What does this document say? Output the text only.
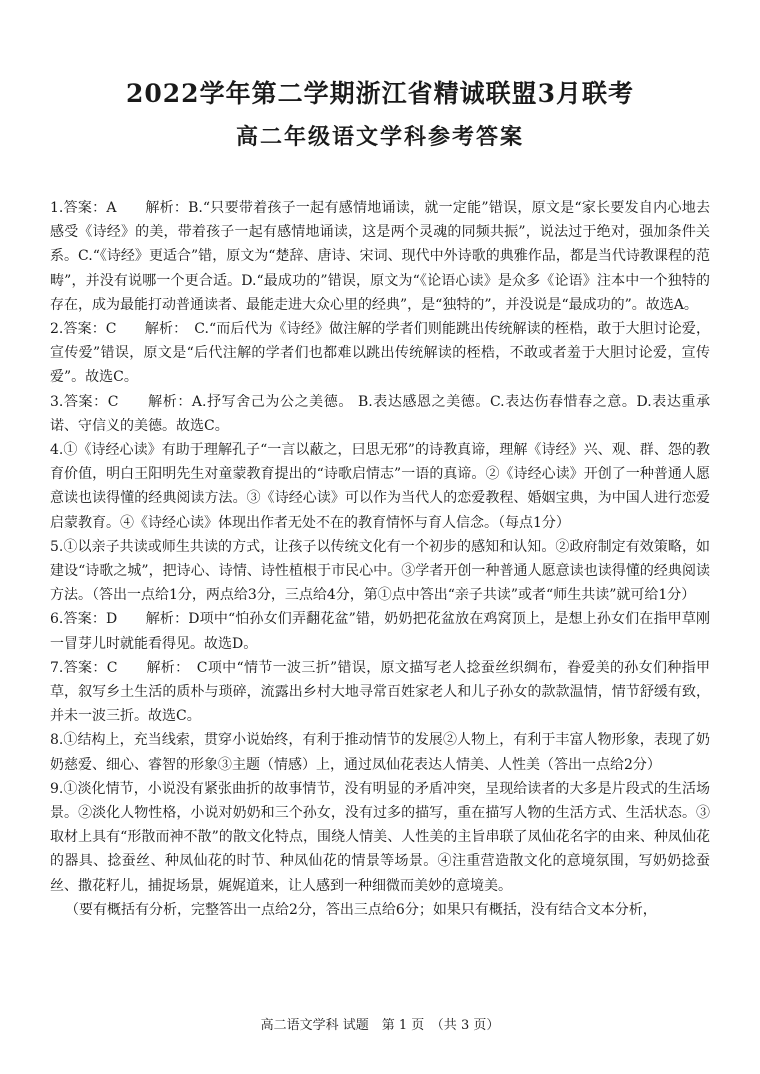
2022学年第二学期浙江省精诚联盟3月联考
高二年级语文学科参考答案

1.答案：A　　解析：B.“只要带着孩子一起有感情地诵读，就一定能”错误，原文是“家长要发自内心地去感受《诗经》的美，带着孩子一起有感情地诵读，这是两个灵魂的同频共振”，说法过于绝对，强加条件关系。C.“《诗经》更适合”错，原文为“楚辞、唐诗、宋词、现代中外诗歌的典雅作品，都是当代诗教课程的范畴”，并没有说哪一个更合适。D.“最成功的”错误，原文为“《论语心读》是众多《论语》注本中一个独特的存在，成为最能打动普通读者、最能走进大众心里的经典”，是“独特的”，并没说是“最成功的”。故选A。

2.答案：C　　解析：　C.“而后代为《诗经》做注解的学者们则能跳出传统解读的桎梏，敢于大胆讨论爱，宣传爱”错误，原文是“后代注解的学者们也都难以跳出传统解读的桎梏，不敢或者羞于大胆讨论爱，宣传爱”。故选C。

3.答案：C　　解析：A.抒写舍己为公之美德。 B.表达感恩之美德。C.表达伤春惜春之意。D.表达重承诺、守信义的美德。故选C。

4.①《诗经心读》有助于理解孔子“一言以蔽之，曰思无邪”的诗教真谛，理解《诗经》兴、观、群、怨的教育价值，明白王阳明先生对童蒙教育提出的“诗歌启情志”一语的真谛。②《诗经心读》开创了一种普通人愿意读也读得懂的经典阅读方法。③《诗经心读》可以作为当代人的恋爱教程、婚姻宝典，为中国人进行恋爱启蒙教育。④《诗经心读》体现出作者无处不在的教育情怀与育人信念。（每点1分）

5.①以亲子共读或师生共读的方式，让孩子以传统文化有一个初步的感知和认知。②政府制定有效策略，如建设“诗歌之城”，把诗心、诗情、诗性植根于市民心中。③学者开创一种普通人愿意读也读得懂的经典阅读方法。（答出一点给1分，两点给3分，三点给4分，第①点中答出“亲子共读”或者“师生共读”就可给1分）

6.答案：D　　解析：D项中“怕孙女们弄翻花盆”错，奶奶把花盆放在鸡窝顶上，是想上孙女们在指甲草刚一冒芽儿时就能看得见。故选D。

7.答案：C　　解析：　C项中“情节一波三折”错误，原文描写老人捻蚕丝织绸布，眷爱美的孙女们种指甲草，叙写乡土生活的质朴与琐碎，流露出乡村大地寻常百姓家老人和儿子孙女的款款温情，情节舒缓有致，并未一波三折。故选C。

8.①结构上，充当线索，贯穿小说始终，有利于推动情节的发展②人物上，有利于丰富人物形象，表现了奶奶慈爱、细心、睿智的形象③主题（情感）上，通过凤仙花表达人情美、人性美（答出一点给2分）

9.①淡化情节，小说没有紧张曲折的故事情节，没有明显的矛盾冲突，呈现给读者的大多是片段式的生活场景。②淡化人物性格，小说对奶奶和三个孙女，没有过多的描写，重在描写人物的生活方式、生活状态。③取材上具有“形散而神不散”的散文化特点，围绕人情美、人性美的主旨串联了凤仙花名字的由来、种凤仙花的器具、捻蚕丝、种凤仙花的时节、种凤仙花的情景等场景。④注重营造散文化的意境氛围，写奶奶捻蚕丝、撒花籽儿，捕捉场景，娓娓道来，让人感到一种细微而美妙的意境美。

（要有概括有分析，完整答出一点给2分，答出三点给6分；如果只有概括，没有结合文本分析，

高二语文学科 试题　第 1 页　（共 3 页）
